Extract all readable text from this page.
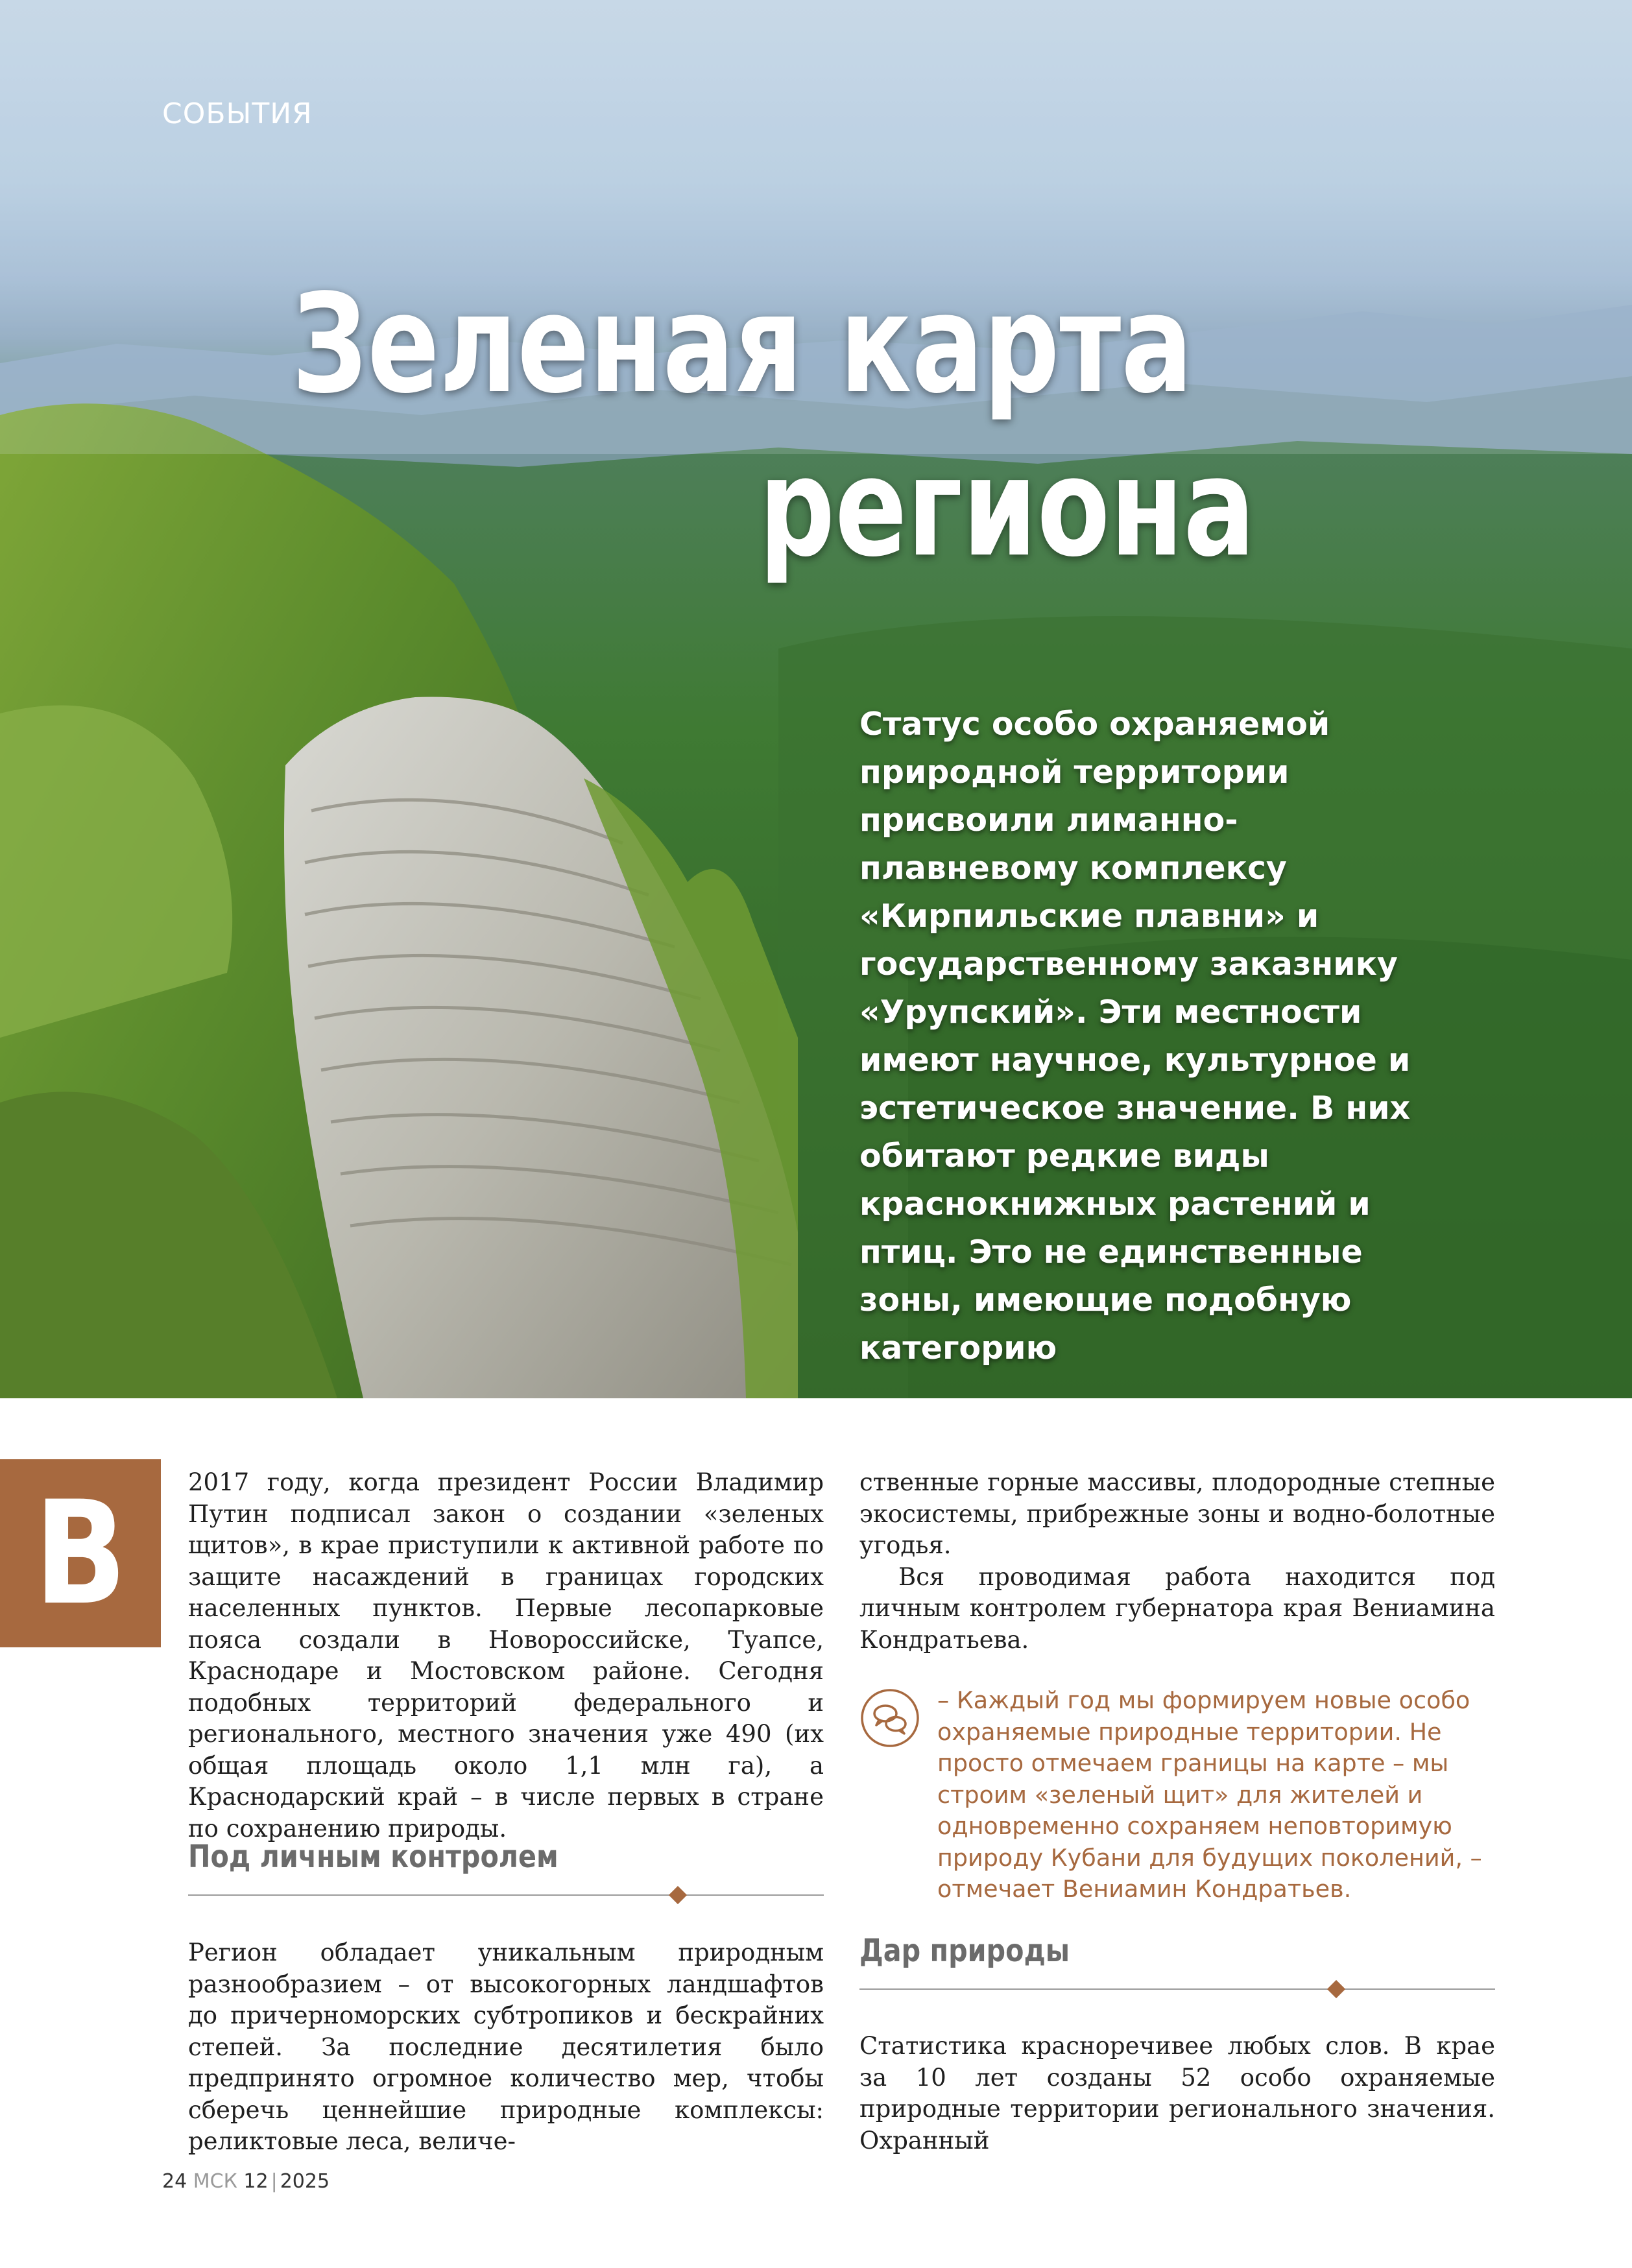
СОБЫТИЯ
Зеленая карта
региона
Статус особо охраняемой природной территории присвоили лиманно-плавневому комплексу «Кирпильские плавни» и государственному заказнику «Урупский». Эти местности имеют научное, культурное и эстетическое значение. В них обитают редкие виды краснокнижных растений и птиц. Это не единственные зоны, имеющие подобную категорию
В	2017 году, когда президент России Владимир Путин подписал закон о создании «зеленых щитов», в крае приступили к активной работе по защите насаждений в границах городских населенных пунктов. Первые лесопарковые пояса создали в Новороссийске, Туапсе, Краснодаре и Мостовском районе. Сегодня подобных территорий федерального и регионального, местного значения уже 490 (их общая площадь около 1,1 млн га), а Краснодарский край – в числе первых в стране по сохранению природы.

Под личным контролем

Регион обладает уникальным природным разнообразием – от высокогорных ландшафтов до причерноморских субтропиков и бескрайних степей. За последние десятилетия было предпринято огромное количество мер, чтобы сберечь ценнейшие природные комплексы: реликтовые леса, величе-

ственные горные массивы, плодородные степные экосистемы, прибрежные зоны и водно-болотные угодья.

Вся проводимая работа находится под личным контролем губернатора края Вениамина Кондратьева.

– Каждый год мы формируем новые особо охраняемые природные территории. Не просто отмечаем границы на карте – мы строим «зеленый щит» для жителей и одновременно сохраняем неповторимую природу Кубани для будущих поколений, – отмечает Вениамин Кондратьев.
Дар природы

Статистика красноречивее любых слов. В крае за 10 лет созданы 52 особо охраняемые природные территории регионального значения. Охранный

24 МСК 12 | 2025
